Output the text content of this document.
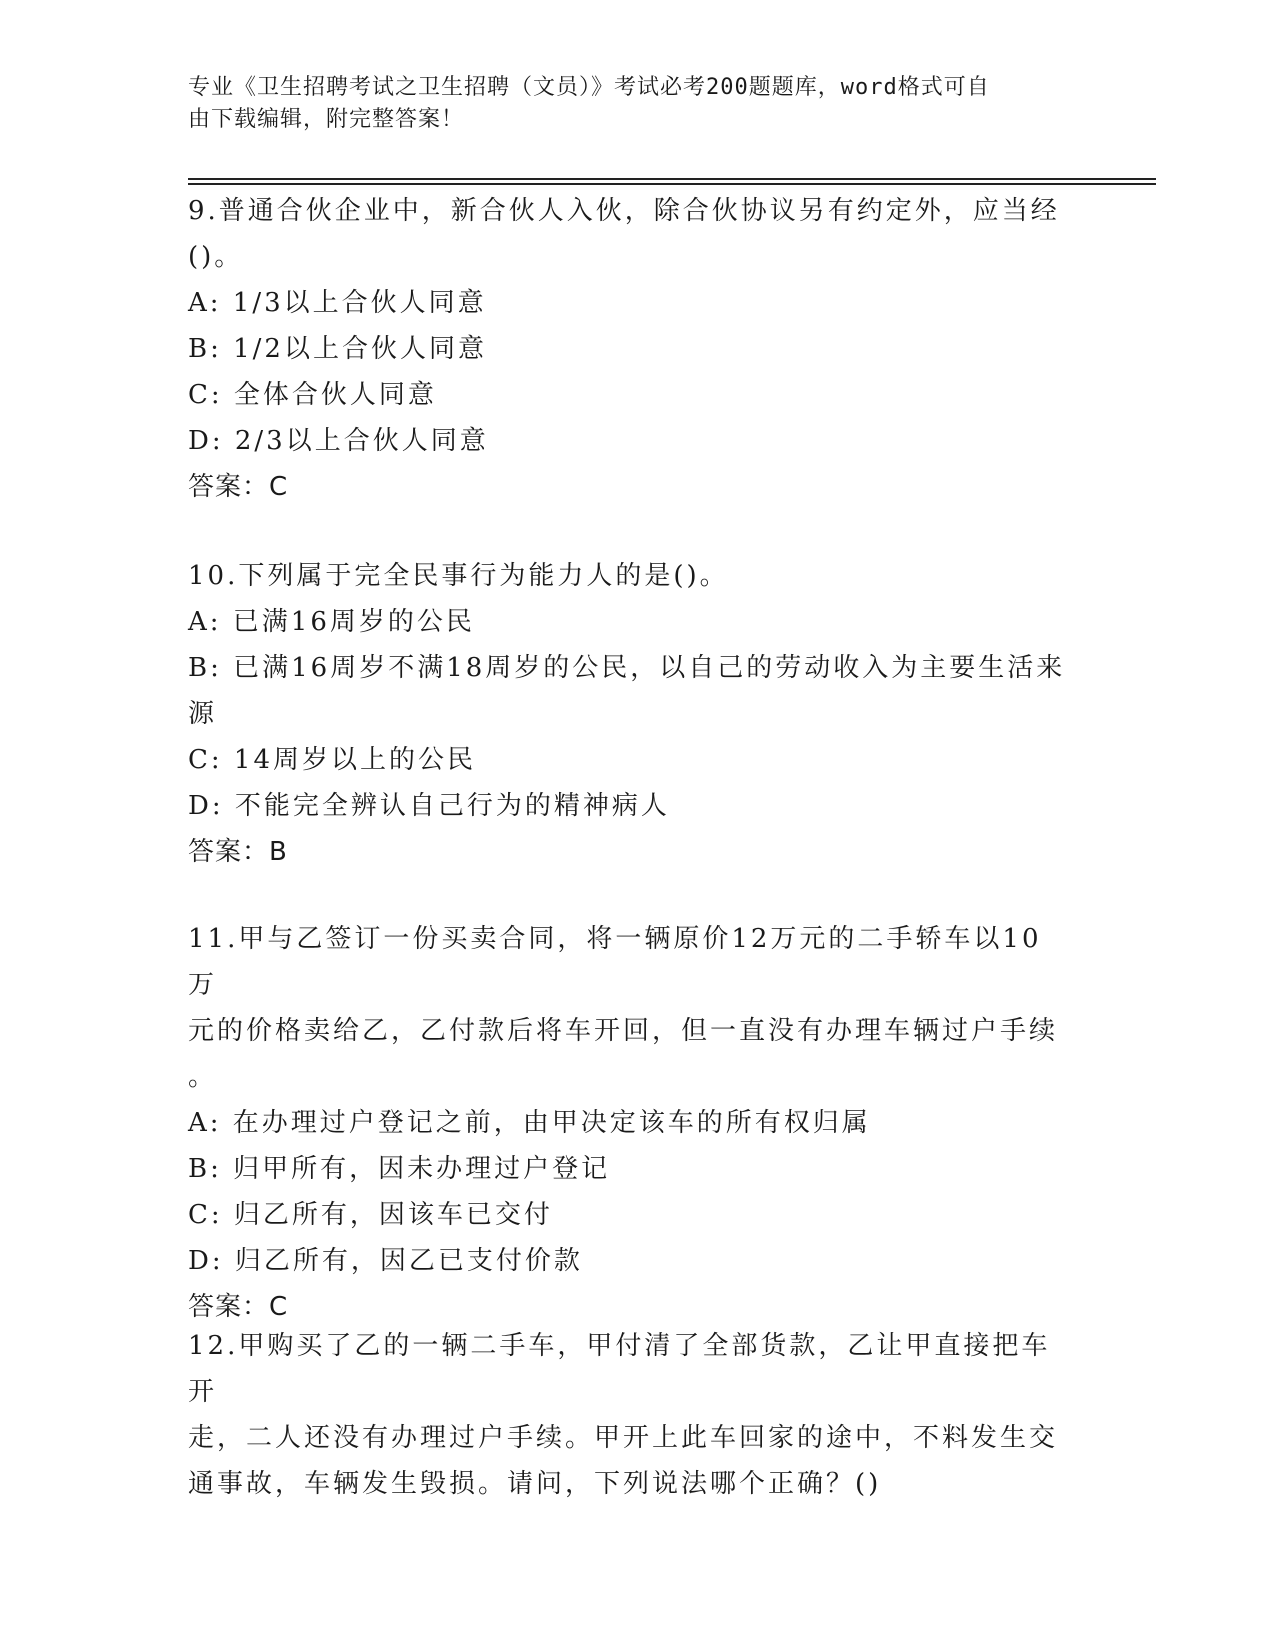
专业《卫生招聘考试之卫生招聘（文员）》考试必考200题题库，word格式可自
由下载编辑，附完整答案！
9.普通合伙企业中，新合伙人入伙，除合伙协议另有约定外，应当经
()。
A: 1/3以上合伙人同意
B: 1/2以上合伙人同意
C: 全体合伙人同意
D: 2/3以上合伙人同意
答案：C
10.下列属于完全民事行为能力人的是()。
A: 已满16周岁的公民
B: 已满16周岁不满18周岁的公民，以自己的劳动收入为主要生活来
源
C: 14周岁以上的公民
D: 不能完全辨认自己行为的精神病人
答案：B
11.甲与乙签订一份买卖合同，将一辆原价12万元的二手轿车以10万
元的价格卖给乙，乙付款后将车开回，但一直没有办理车辆过户手续
。
A: 在办理过户登记之前，由甲决定该车的所有权归属
B: 归甲所有，因未办理过户登记
C: 归乙所有，因该车已交付
D: 归乙所有，因乙已支付价款
答案：C
12.甲购买了乙的一辆二手车，甲付清了全部货款，乙让甲直接把车开
走，二人还没有办理过户手续。甲开上此车回家的途中，不料发生交
通事故，车辆发生毁损。请问，下列说法哪个正确？()
